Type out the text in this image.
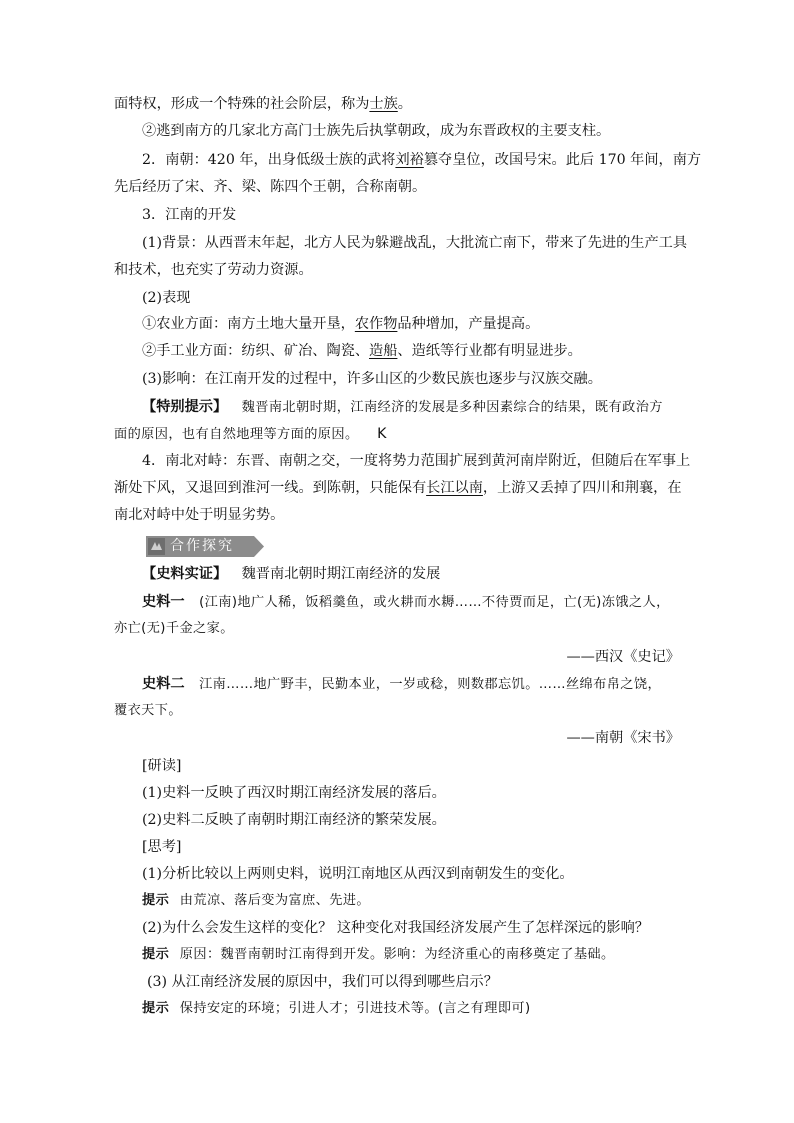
面特权，形成一个特殊的社会阶层，称为士族。
②逃到南方的几家北方高门士族先后执掌朝政，成为东晋政权的主要支柱。
2．南朝：420 年，出身低级士族的武将刘裕篡夺皇位，改国号宋。此后 170 年间，南方
先后经历了宋、齐、梁、陈四个王朝，合称南朝。
3．江南的开发
(1)背景：从西晋末年起，北方人民为躲避战乱，大批流亡南下，带来了先进的生产工具
和技术，也充实了劳动力资源。
(2)表现
①农业方面：南方土地大量开垦，农作物品种增加，产量提高。
②手工业方面：纺织、矿冶、陶瓷、造船、造纸等行业都有明显进步。
(3)影响：在江南开发的过程中，许多山区的少数民族也逐步与汉族交融。
【特别提示】 魏晋南北朝时期，江南经济的发展是多种因素综合的结果，既有政治方
面的原因，也有自然地理等方面的原因。 K
4．南北对峙：东晋、南朝之交，一度将势力范围扩展到黄河南岸附近，但随后在军事上
渐处下风，又退回到淮河一线。到陈朝，只能保有长江以南，上游又丢掉了四川和荆襄，在
南北对峙中处于明显劣势。
合作探究
【史料实证】 魏晋南北朝时期江南经济的发展
史料一 (江南)地广人稀，饭稻羹鱼，或火耕而水耨……不待贾而足，亡(无)冻饿之人，
亦亡(无)千金之家。
——西汉《史记》
史料二 江南……地广野丰，民勤本业，一岁或稔，则数郡忘饥。……丝绵布帛之饶，
覆衣天下。
——南朝《宋书》
[研读]
(1)史料一反映了西汉时期江南经济发展的落后。
(2)史料二反映了南朝时期江南经济的繁荣发展。
[思考]
(1)分析比较以上两则史料，说明江南地区从西汉到南朝发生的变化。
提示 由荒凉、落后变为富庶、先进。
(2)为什么会发生这样的变化？ 这种变化对我国经济发展产生了怎样深远的影响？
提示 原因：魏晋南朝时江南得到开发。影响：为经济重心的南移奠定了基础。
(3) 从江南经济发展的原因中，我们可以得到哪些启示？
提示 保持安定的环境；引进人才；引进技术等。(言之有理即可)
